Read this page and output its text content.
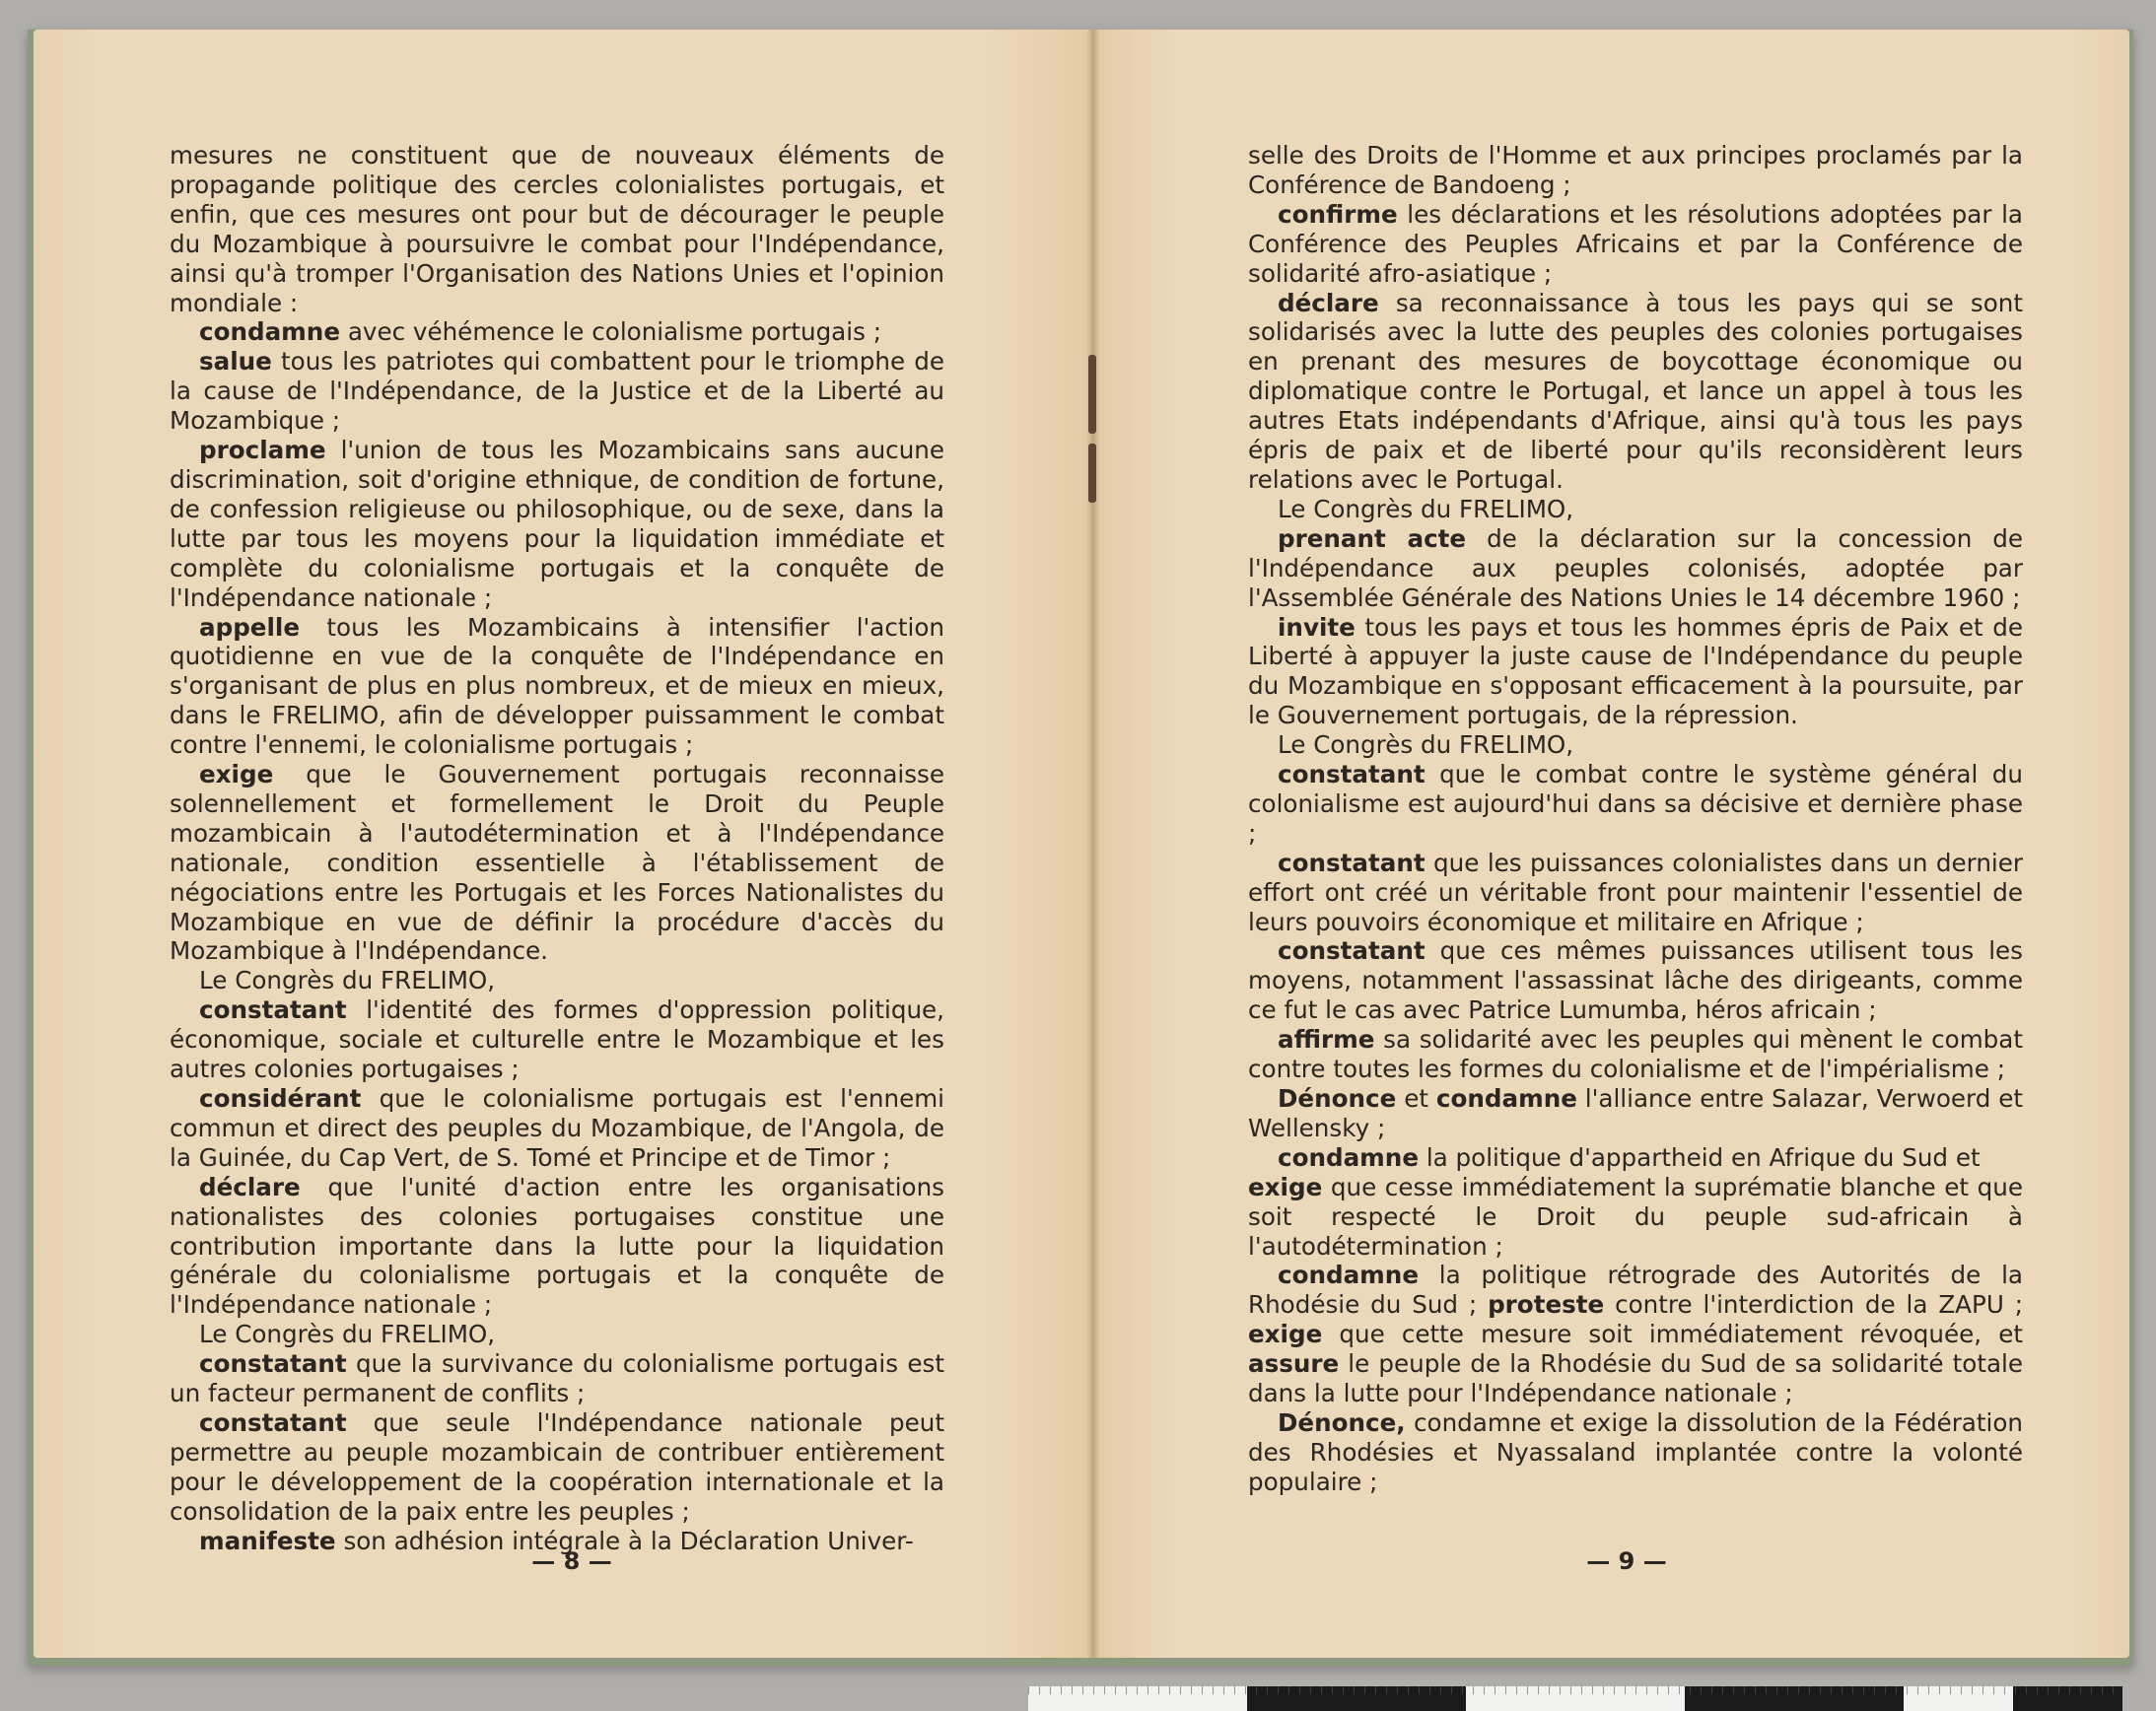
mesures ne constituent que de nouveaux éléments de propagande politique des cercles colonialistes portugais, et enfin, que ces mesures ont pour but de décourager le peuple du Mozambique à poursuivre le combat pour l'Indépendance, ainsi qu'à tromper l'Organisation des Nations Unies et l'opinion mondiale :

condamne avec véhémence le colonialisme portugais ;

salue tous les patriotes qui combattent pour le triomphe de la cause de l'Indépendance, de la Justice et de la Liberté au Mozambique ;

proclame l'union de tous les Mozambicains sans aucune discrimination, soit d'origine ethnique, de condition de fortune, de confession religieuse ou philosophique, ou de sexe, dans la lutte par tous les moyens pour la liquidation immédiate et complète du colonialisme portugais et la conquête de l'Indépendance nationale ;

appelle tous les Mozambicains à intensifier l'action quotidienne en vue de la conquête de l'Indépendance en s'organisant de plus en plus nombreux, et de mieux en mieux, dans le FRELIMO, afin de développer puissamment le combat contre l'ennemi, le colonialisme portugais ;

exige que le Gouvernement portugais reconnaisse solennellement et formellement le Droit du Peuple mozambicain à l'autodétermination et à l'Indépendance nationale, condition essentielle à l'établissement de négociations entre les Portugais et les Forces Nationalistes du Mozambique en vue de définir la procédure d'accès du Mozambique à l'Indépendance.

Le Congrès du FRELIMO,

constatant l'identité des formes d'oppression politique, économique, sociale et culturelle entre le Mozambique et les autres colonies portugaises ;

considérant que le colonialisme portugais est l'ennemi commun et direct des peuples du Mozambique, de l'Angola, de la Guinée, du Cap Vert, de S. Tomé et Principe et de Timor ;

déclare que l'unité d'action entre les organisations nationalistes des colonies portugaises constitue une contribution importante dans la lutte pour la liquidation générale du colonialisme portugais et la conquête de l'Indépendance nationale ;

Le Congrès du FRELIMO,

constatant que la survivance du colonialisme portugais est un facteur permanent de conflits ;

constatant que seule l'Indépendance nationale peut permettre au peuple mozambicain de contribuer entièrement pour le développement de la coopération internationale et la consolidation de la paix entre les peuples ;

manifeste son adhésion intégrale à la Déclaration Univer-

— 8 —

selle des Droits de l'Homme et aux principes proclamés par la Conférence de Bandoeng ;

confirme les déclarations et les résolutions adoptées par la Conférence des Peuples Africains et par la Conférence de solidarité afro-asiatique ;

déclare sa reconnaissance à tous les pays qui se sont solidarisés avec la lutte des peuples des colonies portugaises en prenant des mesures de boycottage économique ou diplomatique contre le Portugal, et lance un appel à tous les autres Etats indépendants d'Afrique, ainsi qu'à tous les pays épris de paix et de liberté pour qu'ils reconsidèrent leurs relations avec le Portugal.

Le Congrès du FRELIMO,

prenant acte de la déclaration sur la concession de l'Indépendance aux peuples colonisés, adoptée par l'Assemblée Générale des Nations Unies le 14 décembre 1960 ;

invite tous les pays et tous les hommes épris de Paix et de Liberté à appuyer la juste cause de l'Indépendance du peuple du Mozambique en s'opposant efficacement à la poursuite, par le Gouvernement portugais, de la répression.

Le Congrès du FRELIMO,

constatant que le combat contre le système général du colonialisme est aujourd'hui dans sa décisive et dernière phase ;

constatant que les puissances colonialistes dans un dernier effort ont créé un véritable front pour maintenir l'essentiel de leurs pouvoirs économique et militaire en Afrique ;

constatant que ces mêmes puissances utilisent tous les moyens, notamment l'assassinat lâche des dirigeants, comme ce fut le cas avec Patrice Lumumba, héros africain ;

affirme sa solidarité avec les peuples qui mènent le combat contre toutes les formes du colonialisme et de l'impérialisme ;

Dénonce et condamne l'alliance entre Salazar, Verwoerd et Wellensky ;

condamne la politique d'appartheid en Afrique du Sud et
exige que cesse immédiatement la suprématie blanche et que soit respecté le Droit du peuple sud-africain à l'autodétermination ;

condamne la politique rétrograde des Autorités de la Rhodésie du Sud ; proteste contre l'interdiction de la ZAPU ; exige que cette mesure soit immédiatement révoquée, et assure le peuple de la Rhodésie du Sud de sa solidarité totale dans la lutte pour l'Indépendance nationale ;

Dénonce, condamne et exige la dissolution de la Fédération des Rhodésies et Nyassaland implantée contre la volonté populaire ;

— 9 —
